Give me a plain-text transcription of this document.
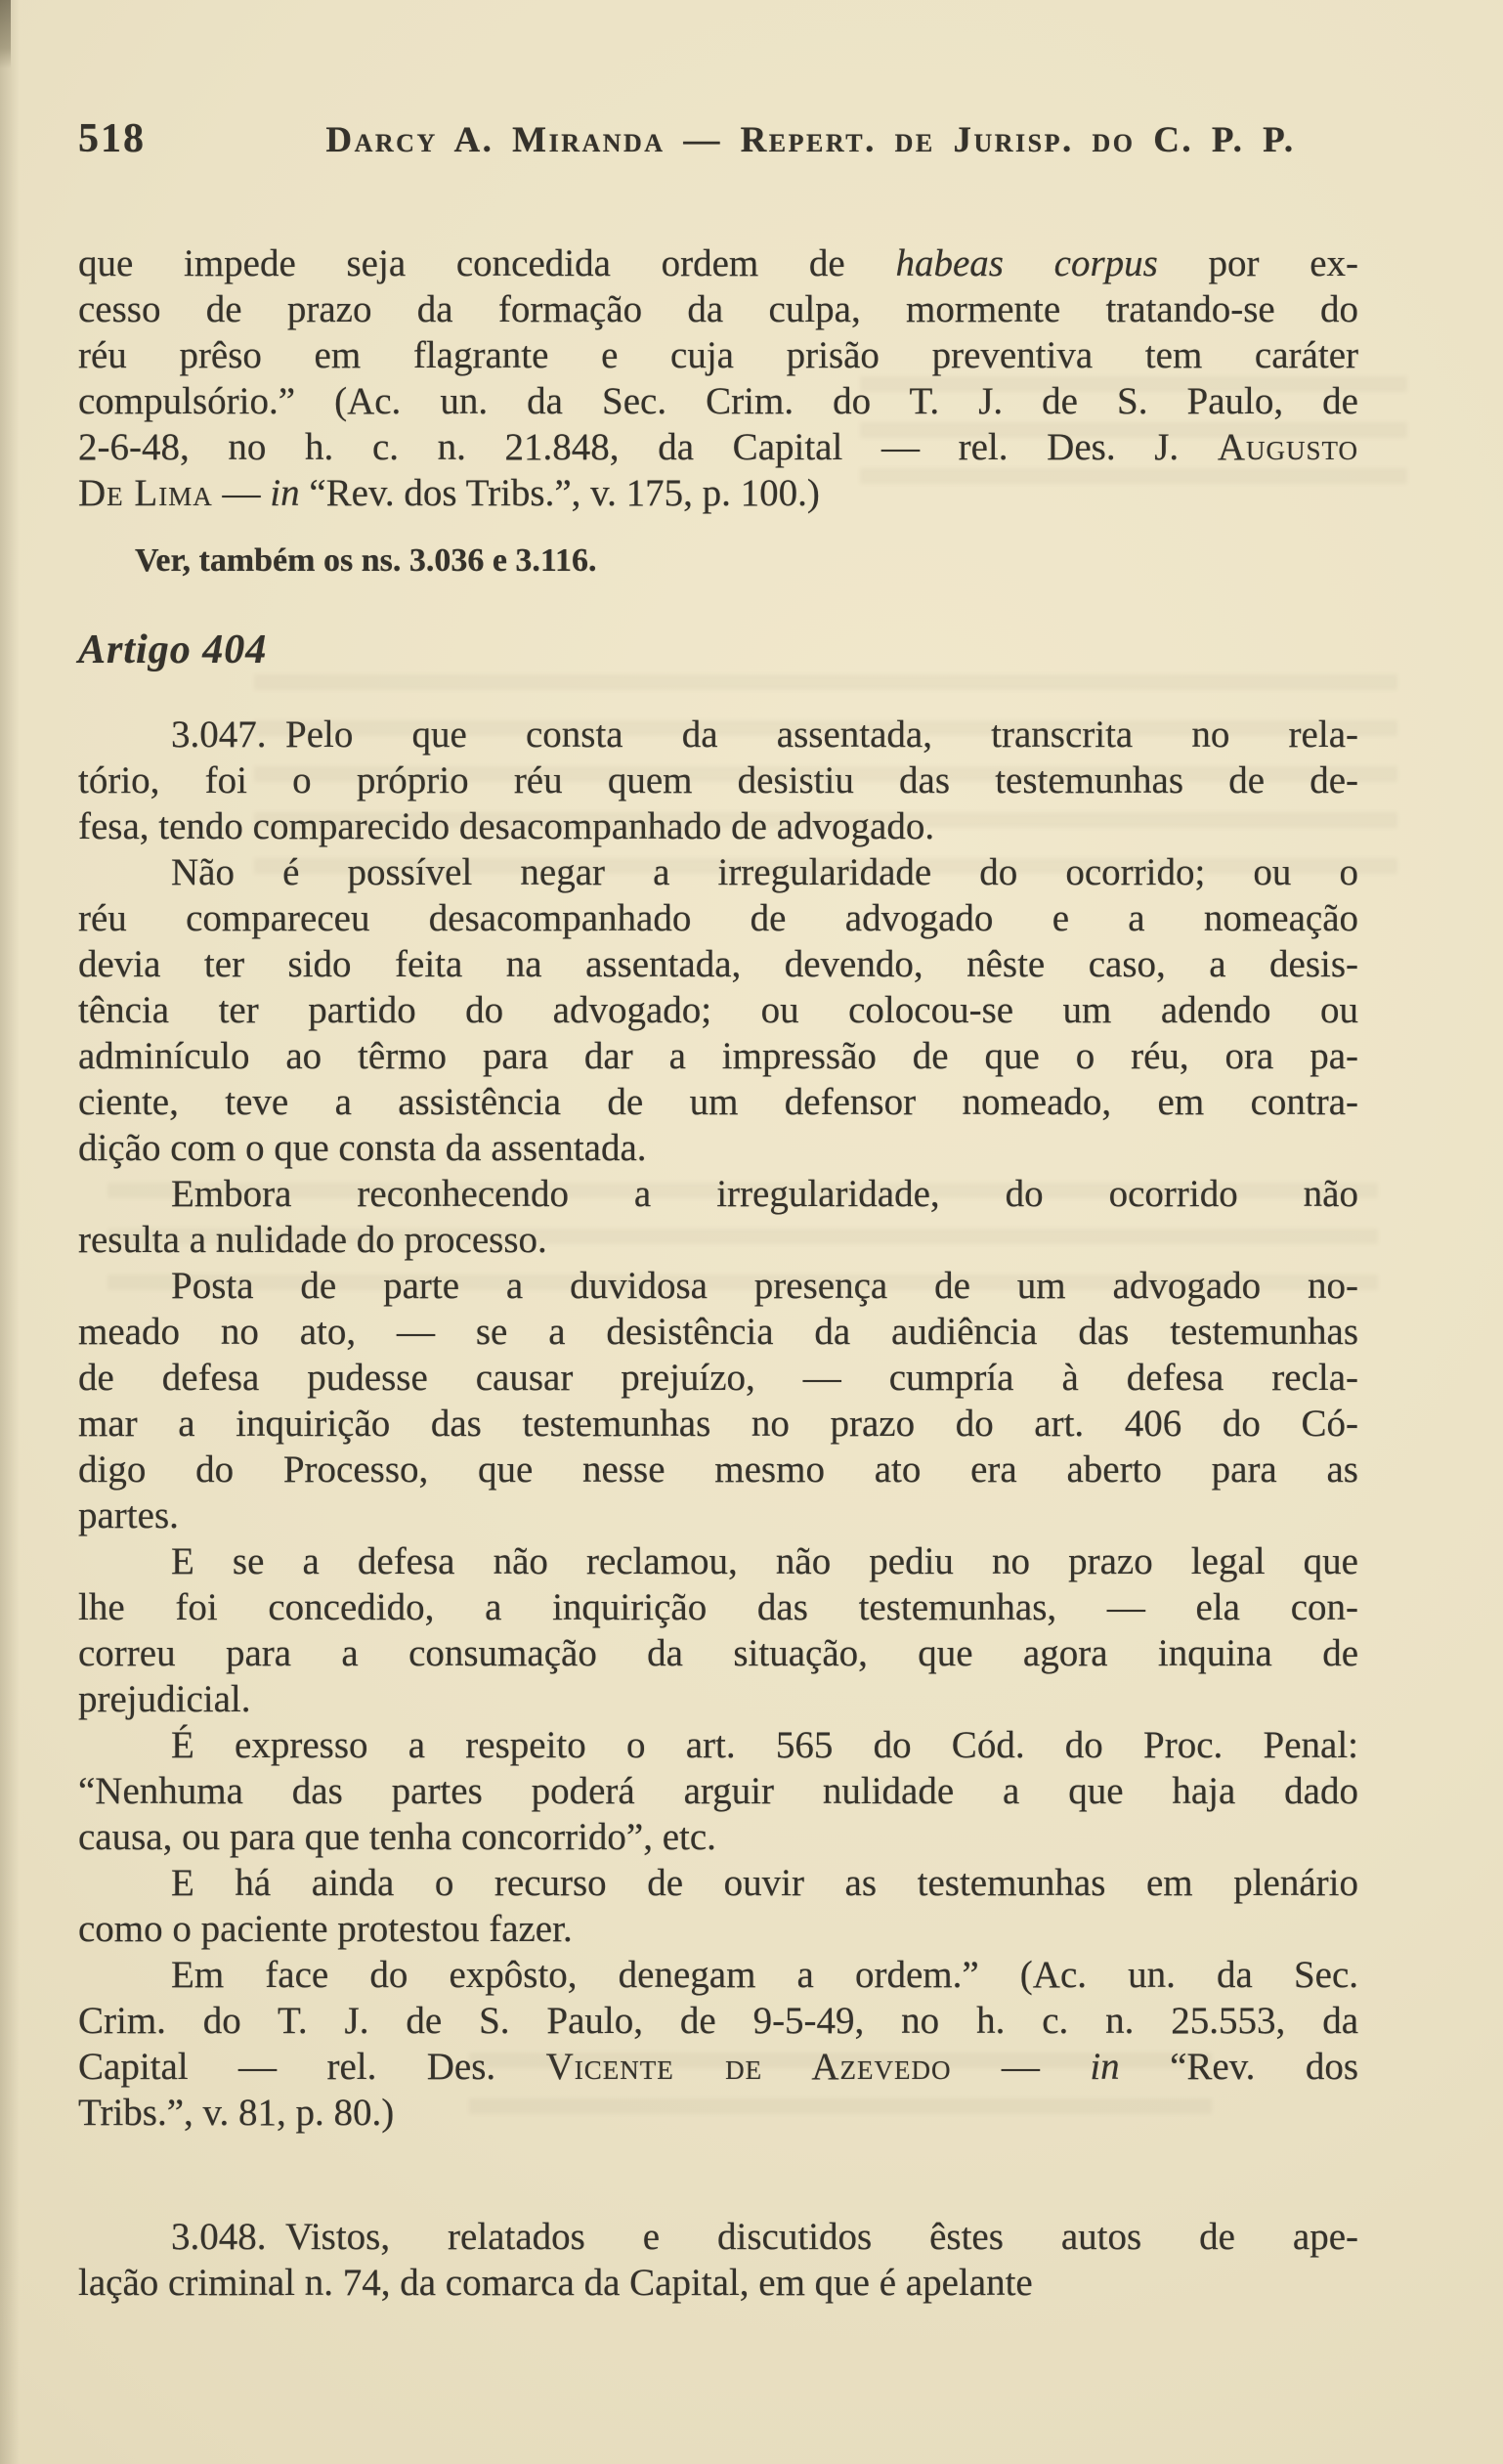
518	Darcy A. Miranda — Repert. de Jurisp. do C. P. P.

que impede seja concedida ordem de habeas corpus por ex-
cesso de prazo da formação da culpa, mormente tratando-se do
réu prêso em flagrante e cuja prisão preventiva tem caráter
compulsório.” (Ac. un. da Sec. Crim. do T. J. de S. Paulo, de
2-6-48, no h. c. n. 21.848, da Capital — rel. Des. J. Augusto
De Lima — in “Rev. dos Tribs.”, v. 175, p. 100.)

Ver, também os ns. 3.036 e 3.116.
Artigo 404

3.047. Pelo que consta da assentada, transcrita no rela-
tório, foi o próprio réu quem desistiu das testemunhas de de-
fesa, tendo comparecido desacompanhado de advogado.

Não é possível negar a irregularidade do ocorrido; ou o
réu compareceu desacompanhado de advogado e a nomeação
devia ter sido feita na assentada, devendo, nêste caso, a desis-
tência ter partido do advogado; ou colocou-se um adendo ou
adminículo ao têrmo para dar a impressão de que o réu, ora pa-
ciente, teve a assistência de um defensor nomeado, em contra-
dição com o que consta da assentada.

Embora reconhecendo a irregularidade, do ocorrido não
resulta a nulidade do processo.

Posta de parte a duvidosa presença de um advogado no-
meado no ato, — se a desistência da audiência das testemunhas
de defesa pudesse causar prejuízo, — cumpría à defesa recla-
mar a inquirição das testemunhas no prazo do art. 406 do Có-
digo do Processo, que nesse mesmo ato era aberto para as
partes.

E se a defesa não reclamou, não pediu no prazo legal que
lhe foi concedido, a inquirição das testemunhas, — ela con-
correu para a consumação da situação, que agora inquina de
prejudicial.

É expresso a respeito o art. 565 do Cód. do Proc. Penal:
“Nenhuma das partes poderá arguir nulidade a que haja dado
causa, ou para que tenha concorrido”, etc.

E há ainda o recurso de ouvir as testemunhas em plenário
como o paciente protestou fazer.

Em face do expôsto, denegam a ordem.” (Ac. un. da Sec.
Crim. do T. J. de S. Paulo, de 9-5-49, no h. c. n. 25.553, da
Capital — rel. Des. Vicente de Azevedo — in “Rev. dos
Tribs.”, v. 81, p. 80.)

3.048. Vistos, relatados e discutidos êstes autos de ape-
lação criminal n. 74, da comarca da Capital, em que é apelante
